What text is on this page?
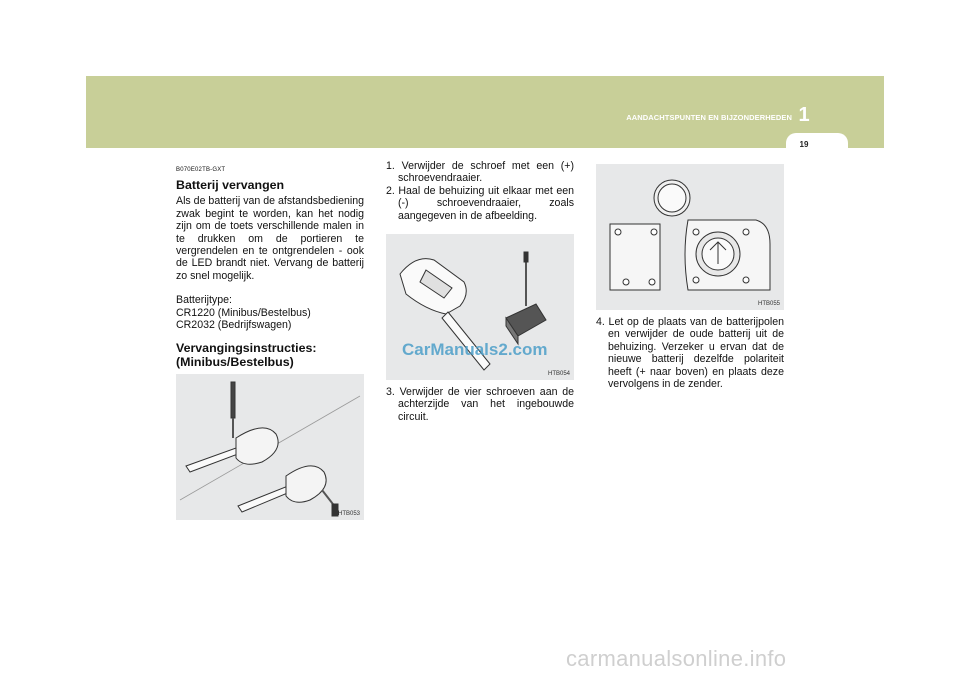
AANDACHTSPUNTEN EN BIJZONDERHEDEN 1
19
B070E02TB-GXT
Batterij vervangen

Als de batterij van de afstandsbediening zwak begint te worden, kan het nodig zijn om de toets verschillende malen in te drukken om de portieren te vergrendelen en te ontgrendelen - ook de LED brandt niet. Vervang de batterij zo snel mogelijk.

Batterijtype:

CR1220 (Minibus/Bestelbus)

CR2032 (Bedrijfswagen)

Vervangingsinstructies:
(Minibus/Bestelbus)
HTB053

1. Verwijder de schroef met een (+) schroevendraaier.

2. Haal de behuizing uit elkaar met een (-) schroevendraaier, zoals aangegeven in de afbeelding.

HTB054
CarManuals2.com

3. Verwijder de vier schroeven aan de achterzijde van het ingebouwde circuit.

HTB055

4. Let op de plaats van de batterijpolen en verwijder de oude batterij uit de behuizing. Verzeker u ervan dat de nieuwe batterij dezelfde polariteit heeft (+ naar boven) en plaats deze vervolgens in de zender.

carmanualsonline.info
